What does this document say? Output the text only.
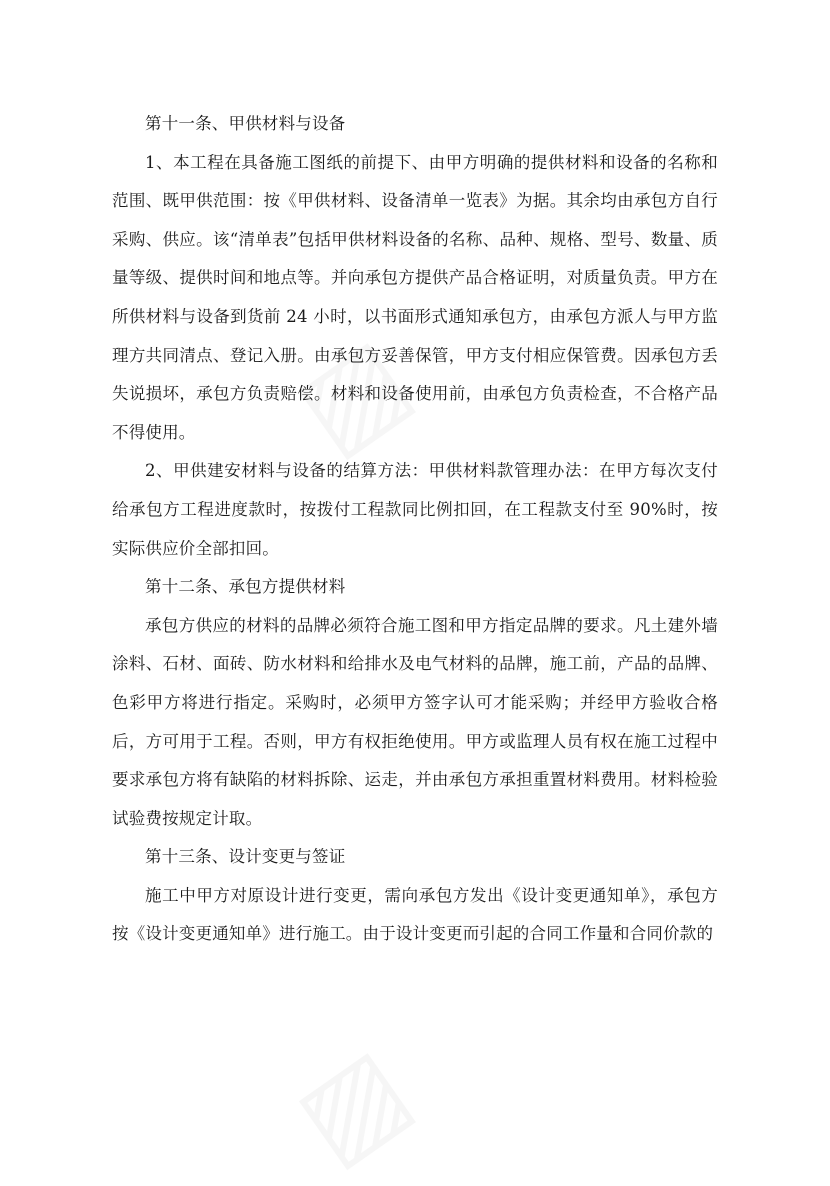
第十一条、甲供材料与设备

1、本工程在具备施工图纸的前提下、由甲方明确的提供材料和设备的名称和范围、既甲供范围：按《甲供材料、设备清单一览表》为据。其余均由承包方自行采购、供应。该“清单表”包括甲供材料设备的名称、品种、规格、型号、数量、质量等级、提供时间和地点等。并向承包方提供产品合格证明，对质量负责。甲方在所供材料与设备到货前 24 小时，以书面形式通知承包方，由承包方派人与甲方监理方共同清点、登记入册。由承包方妥善保管，甲方支付相应保管费。因承包方丢失说损坏，承包方负责赔偿。材料和设备使用前，由承包方负责检查，不合格产品不得使用。

2、甲供建安材料与设备的结算方法：甲供材料款管理办法：在甲方每次支付给承包方工程进度款时，按拨付工程款同比例扣回，在工程款支付至 90%时，按实际供应价全部扣回。

第十二条、承包方提供材料

承包方供应的材料的品牌必须符合施工图和甲方指定品牌的要求。凡土建外墙涂料、石材、面砖、防水材料和给排水及电气材料的品牌，施工前，产品的品牌、色彩甲方将进行指定。采购时，必须甲方签字认可才能采购；并经甲方验收合格后，方可用于工程。否则，甲方有权拒绝使用。甲方或监理人员有权在施工过程中要求承包方将有缺陷的材料拆除、运走，并由承包方承担重置材料费用。材料检验试验费按规定计取。

第十三条、设计变更与签证

施工中甲方对原设计进行变更，需向承包方发出《设计变更通知单》，承包方按《设计变更通知单》进行施工。由于设计变更而引起的合同工作量和合同价款的
